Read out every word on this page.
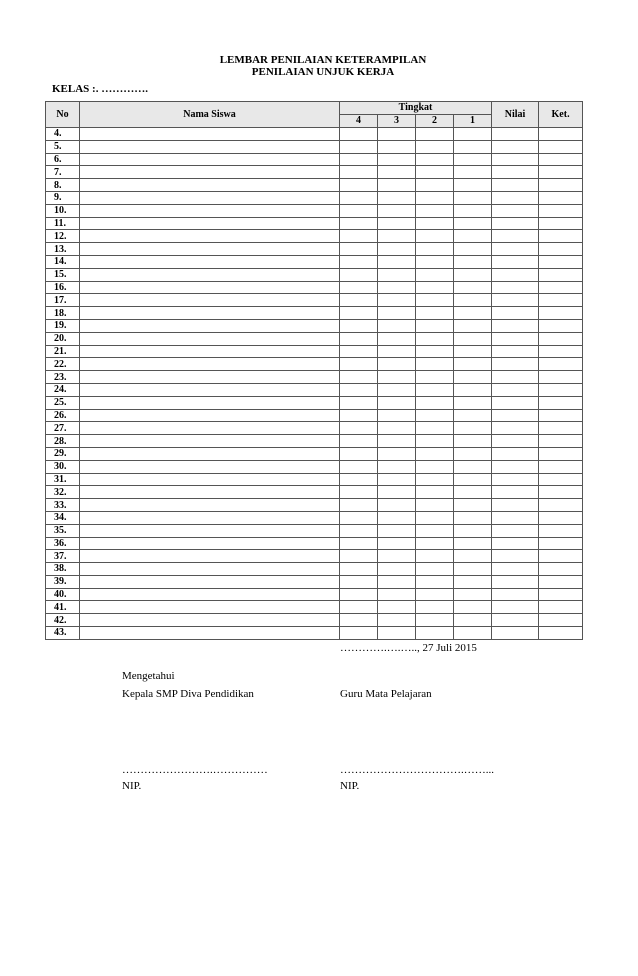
LEMBAR PENILAIAN KETERAMPILAN
PENILAIAN UNJUK KERJA
KELAS :. ………….
No	Nama Siswa	Tingkat				Nilai	Ket.
		4	3	2	1		
4.							
5.							
6.							
7.							
8.							
9.							
10.							
11.							
12.							
13.							
14.							
15.							
16.							
17.							
18.							
19.							
20.							
21.							
22.							
23.							
24.							
25.							
26.							
27.							
28.							
29.							
30.							
31.							
32.							
33.							
34.							
35.							
36.							
37.							
38.							
39.							
40.							
41.							
42.							
43.							
………….….….., 27 Juli 2015
Mengetahui
Kepala SMP Diva Pendidikan	Guru Mata Pelajaran
…………………….……………	…………………………….……...
NIP.	NIP.
